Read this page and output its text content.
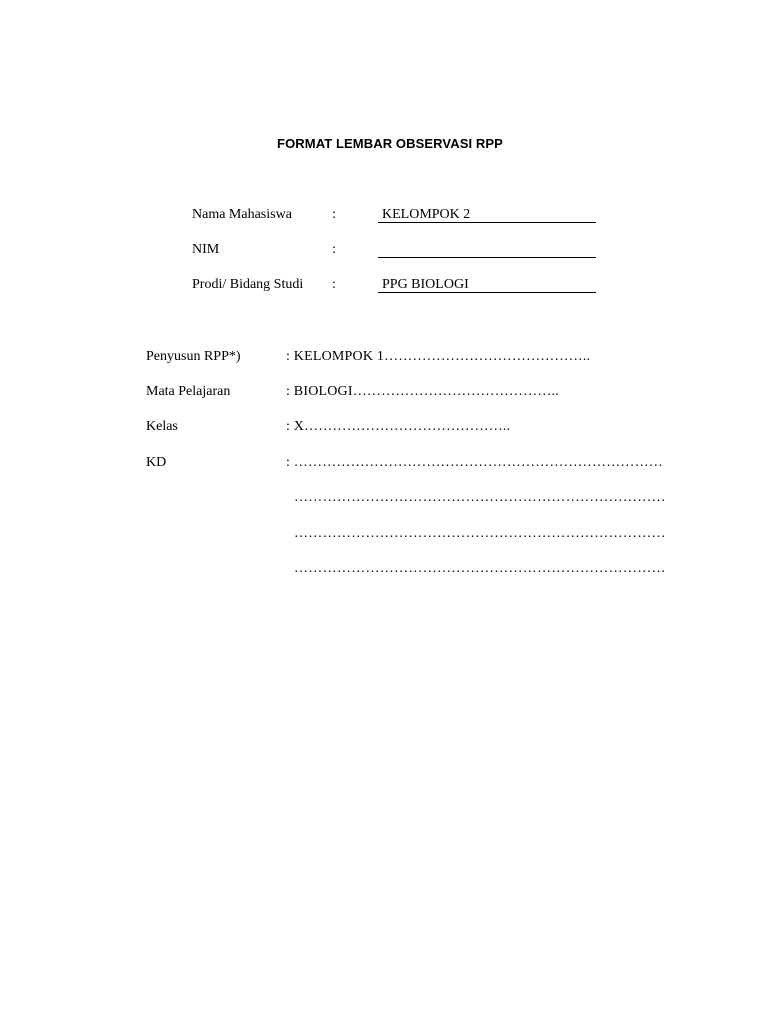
FORMAT LEMBAR OBSERVASI RPP
Nama Mahasiswa	:	KELOMPOK 2
NIM	:
Prodi/ Bidang Studi :	PPG BIOLOGI
Penyusun RPP*)	: KELOMPOK 1……………………………………..
Mata Pelajaran	: BIOLOGI……………………………………..
Kelas	: X……………………………………..
KD	: ……………………………………………………………………
……………………………………………………………………
……………………………………………………………………
……………………………………………………………………
